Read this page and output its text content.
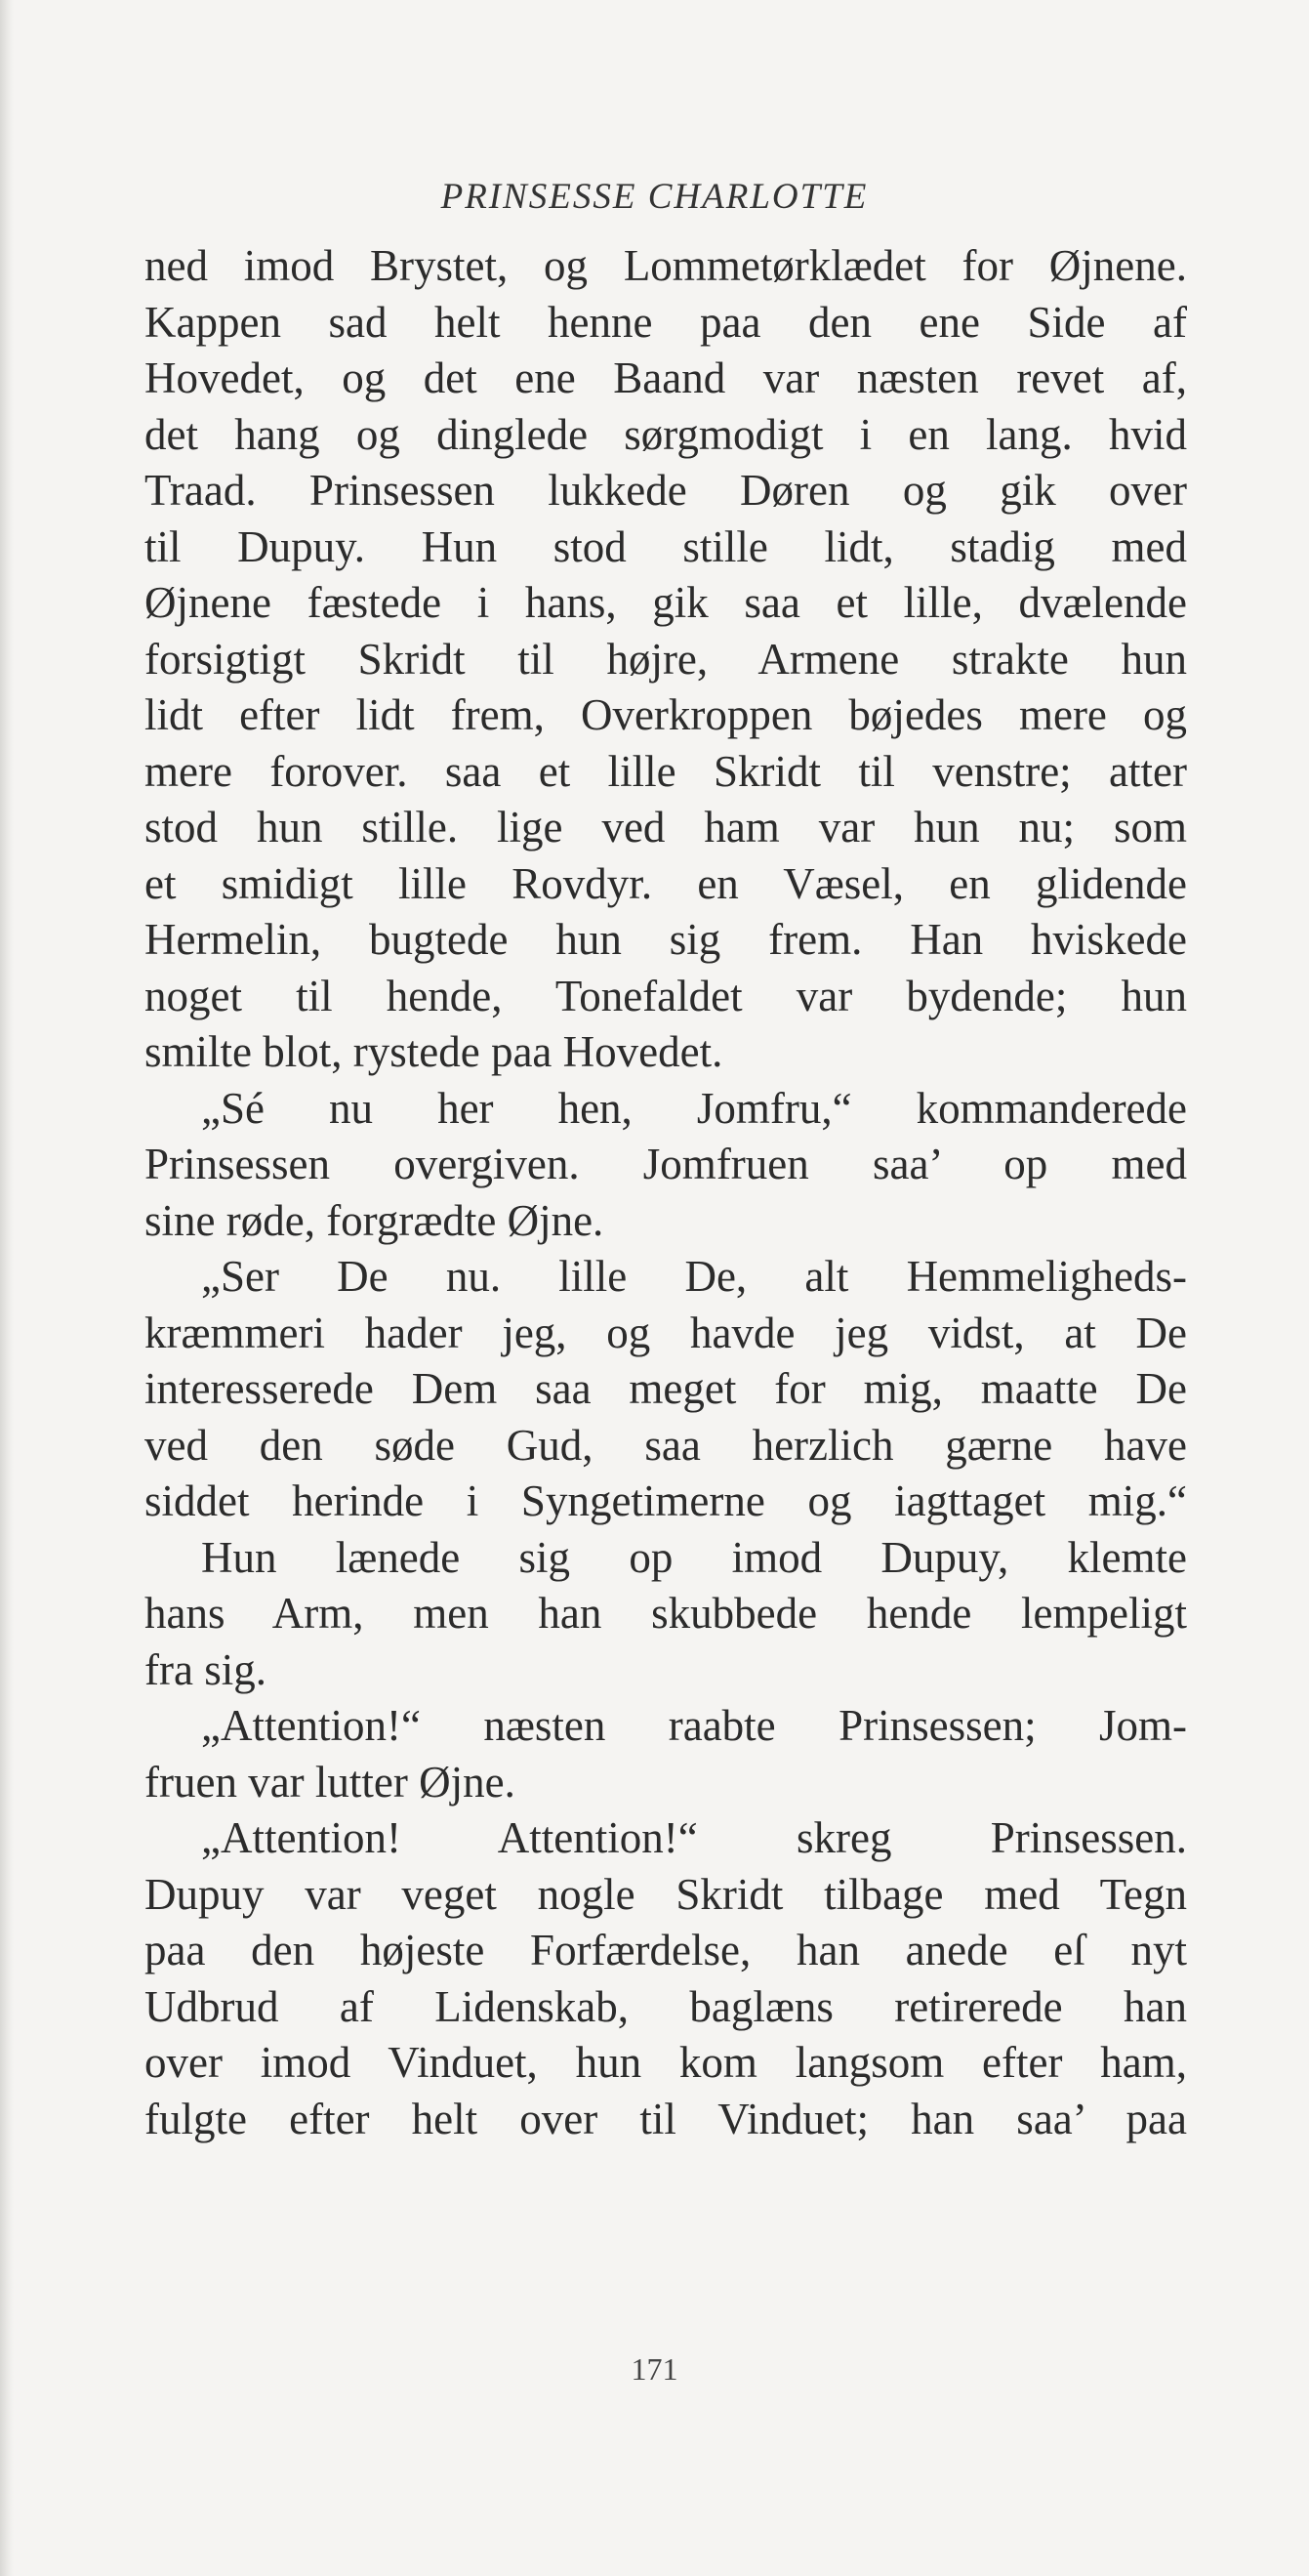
PRINSESSE CHARLOTTE
ned imod Brystet, og Lommetørklædet for Øjnene.
Kappen sad helt henne paa den ene Side af
Hovedet, og det ene Baand var næsten revet af,
det hang og dinglede sørgmodigt i en lang. hvid
Traad. Prinsessen lukkede Døren og gik over
til Dupuy. Hun stod stille lidt, stadig med
Øjnene fæstede i hans, gik saa et lille, dvælende
forsigtigt Skridt til højre, Armene strakte hun
lidt efter lidt frem, Overkroppen bøjedes mere og
mere forover. saa et lille Skridt til venstre; atter
stod hun stille. lige ved ham var hun nu; som
et smidigt lille Rovdyr. en Væsel, en glidende
Hermelin, bugtede hun sig frem. Han hviskede
noget til hende, Tonefaldet var bydende; hun
smilte blot, rystede paa Hovedet.
„Sé nu her hen, Jomfru,“ kommanderede
Prinsessen overgiven. Jomfruen saa’ op med
sine røde, forgrædte Øjne.
„Ser De nu. lille De, alt Hemmeligheds-
kræmmeri hader jeg, og havde jeg vidst, at De
interesserede Dem saa meget for mig, maatte De
ved den søde Gud, saa herzlich gærne have
siddet herinde i Syngetimerne og iagttaget mig.“
Hun lænede sig op imod Dupuy, klemte
hans Arm, men han skubbede hende lempeligt
fra sig.
„Attention!“ næsten raabte Prinsessen; Jom-
fruen var lutter Øjne.
„Attention! Attention!“ skreg Prinsessen.
Dupuy var veget nogle Skridt tilbage med Tegn
paa den højeste Forfærdelse, han anede eſ nyt
Udbrud af Lidenskab, baglæns retirerede han
over imod Vinduet, hun kom langsom efter ham,
fulgte efter helt over til Vinduet; han saa’ paa
171
